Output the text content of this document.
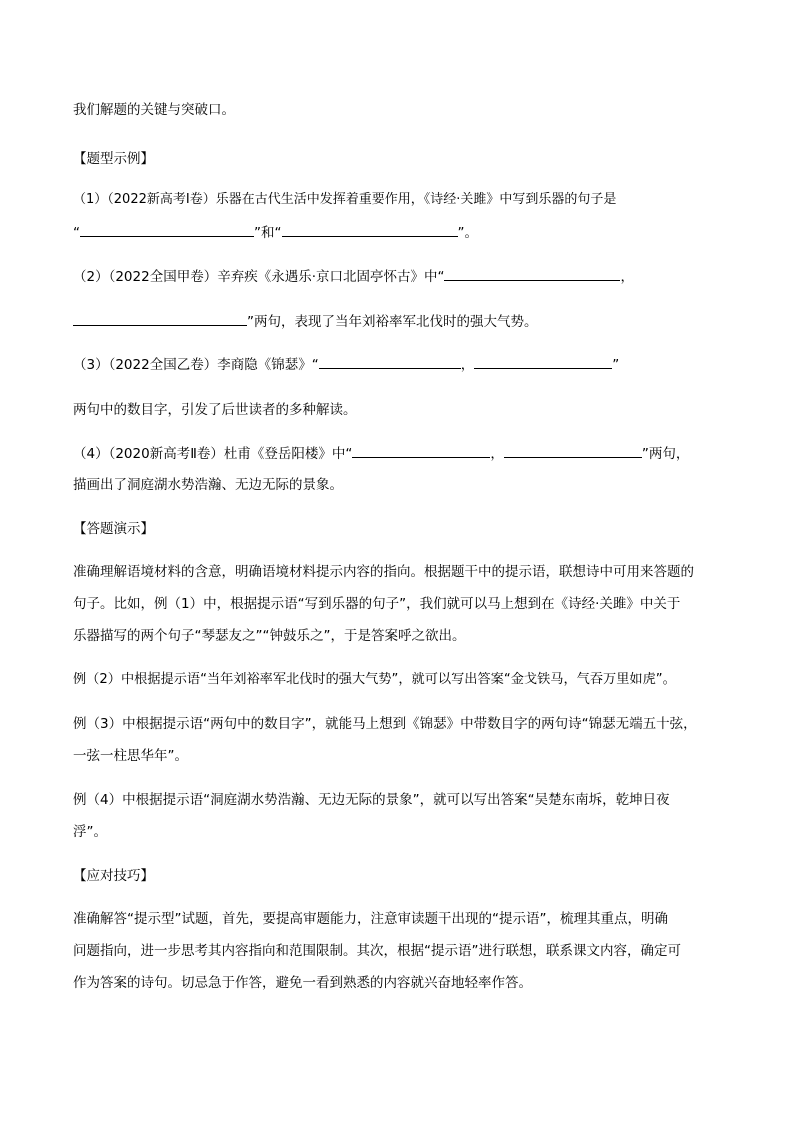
我们解题的关键与突破口。
【题型示例】
（1）（2022新高考Ⅰ卷）乐器在古代生活中发挥着重要作用，《诗经·关雎》中写到乐器的句子是
“	”和“	”。
（2）（2022全国甲卷）辛弃疾《永遇乐·京口北固亭怀古》中“	，
”两句，表现了当年刘裕率军北伐时的强大气势。
（3）（2022全国乙卷）李商隐《锦瑟》“	，	”
两句中的数目字，引发了后世读者的多种解读。
（4）（2020新高考Ⅱ卷）杜甫《登岳阳楼》中“	，	”两句，
描画出了洞庭湖水势浩瀚、无边无际的景象。
【答题演示】
准确理解语境材料的含意，明确语境材料提示内容的指向。根据题干中的提示语，联想诗中可用来答题的
句子。比如，例（1）中，根据提示语“写到乐器的句子”，我们就可以马上想到在《诗经·关雎》中关于
乐器描写的两个句子“琴瑟友之”“钟鼓乐之”，于是答案呼之欲出。
例（2）中根据提示语“当年刘裕率军北伐时的强大气势”，就可以写出答案“金戈铁马，气吞万里如虎”。
例（3）中根据提示语“两句中的数目字”，就能马上想到《锦瑟》中带数目字的两句诗“锦瑟无端五十弦，
一弦一柱思华年”。
例（4）中根据提示语“洞庭湖水势浩瀚、无边无际的景象”，就可以写出答案“吴楚东南坼，乾坤日夜
浮”。
【应对技巧】
准确解答“提示型”试题，首先，要提高审题能力，注意审读题干出现的“提示语”，梳理其重点，明确
问题指向，进一步思考其内容指向和范围限制。其次，根据“提示语”进行联想，联系课文内容，确定可
作为答案的诗句。切忌急于作答，避免一看到熟悉的内容就兴奋地轻率作答。
